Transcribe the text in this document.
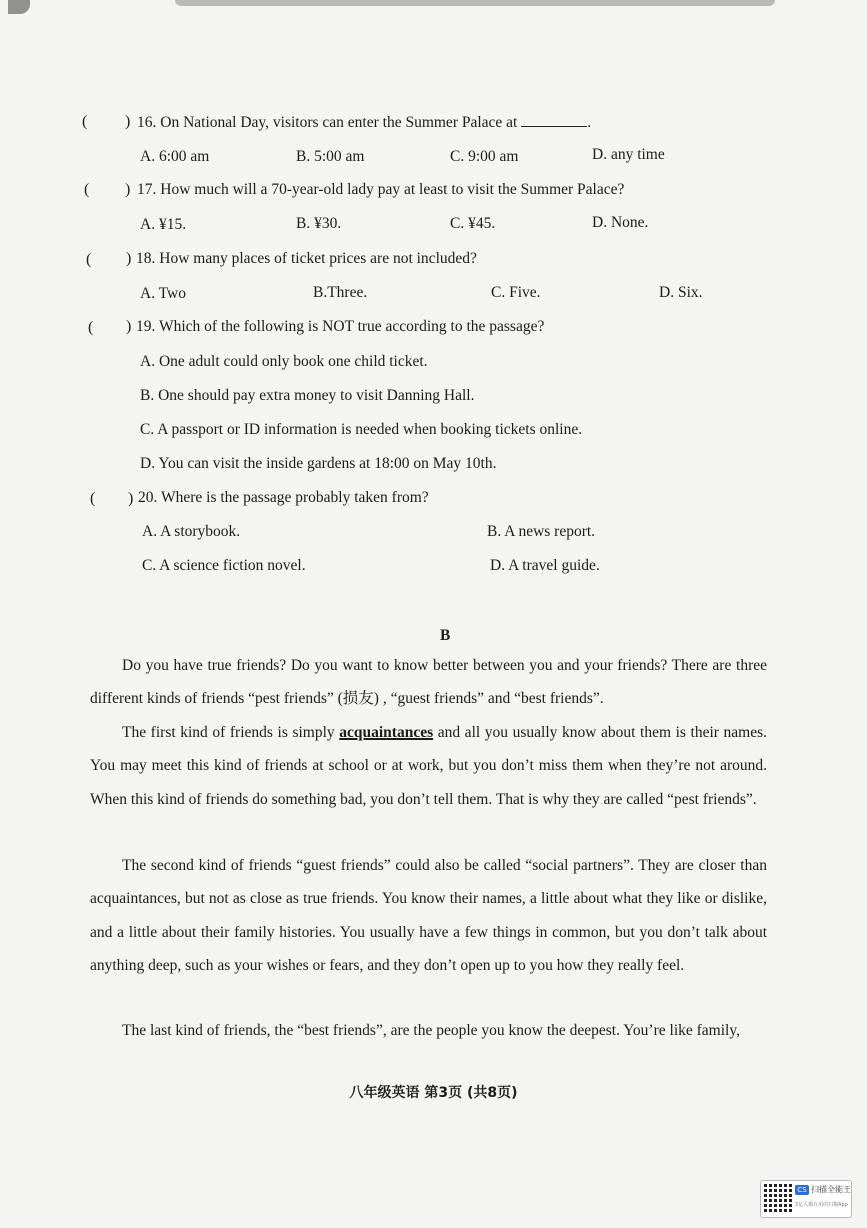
( ) 16. On National Day, visitors can enter the Summer Palace at	.
A. 6:00 am	B. 5:00 am	C. 9:00 am	D. any time
( ) 17. How much will a 70-year-old lady pay at least to visit the Summer Palace?
A. ¥15.	B. ¥30.	C. ¥45.	D. None.
( ) 18. How many places of ticket prices are not included?
A. Two	B.Three.	C. Five.	D. Six.
( ) 19. Which of the following is NOT true according to the passage?
A. One adult could only book one child ticket.
B. One should pay extra money to visit Danning Hall.
C. A passport or ID information is needed when booking tickets online.
D. You can visit the inside gardens at 18:00 on May 10th.
( ) 20. Where is the passage probably taken from?
A. A storybook.	B. A news report.
C. A science fiction novel.	D. A travel guide.
B
Do you have true friends? Do you want to know better between you and your friends? There are three different kinds of friends “pest friends” (损友) , “guest friends” and “best friends”.
The first kind of friends is simply acquaintances and all you usually know about them is their names. You may meet this kind of friends at school or at work, but you don’t miss them when they’re not around. When this kind of friends do something bad, you don’t tell them. That is why they are called “pest friends”.
The second kind of friends “guest friends” could also be called “social partners”. They are closer than acquaintances, but not as close as true friends. You know their names, a little about what they like or dislike, and a little about their family histories. You usually have a few things in common, but you don’t talk about anything deep, such as your wishes or fears, and they don’t open up to you how they really feel.
The last kind of friends, the “best friends”, are the people you know the deepest. You’re like family,
八年级英语 第3页 (共8页)
CS 扫描全能王
3亿人都在用的扫描App
